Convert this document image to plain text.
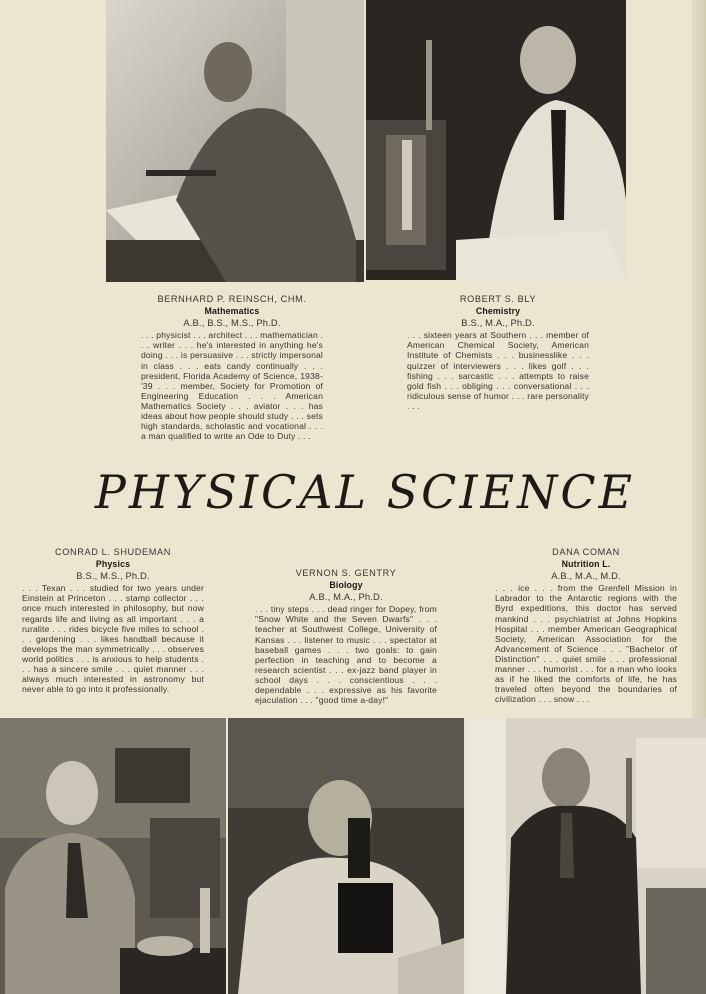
BERNHARD P. REINSCH, CHM.
Mathematics
A.B., B.S., M.S., Ph.D.
. . . physicist . . . architect . . . mathematician . . . writer . . . he's interested in anything he's doing . . . is persuasive . . . strictly impersonal in class . . . eats candy continually . . . president, Florida Academy of Science, 1938-'39 . . . member, Society for Promotion of Engineering Education . . . American Mathematics Society . . . aviator . . . has ideas about how people should study . . . sets high standards, scholastic and vocational . . . a man qualified to write an Ode to Duty . . .
ROBERT S. BLY
Chemistry
B.S., M.A., Ph.D.
. . . sixteen years at Southern . . . member of American Chemical Society, American Institute of Chemists . . . businesslike . . . quizzer of interviewers . . . likes golf . . . fishing . . . sarcastic . . . attempts to raise gold fish . . . obliging . . . conversational . . . ridiculous sense of humor . . . rare personality . . .
PHYSICAL SCIENCE
CONRAD L. SHUDEMAN
Physics
B.S., M.S., Ph.D.
. . . Texan . . . studied for two years under Einstein at Princeton . . . stamp collector . . . once much interested in philosophy, but now regards life and living as all important . . . a ruralite . . . rides bicycle five miles to school . . . gardening . . . likes handball because it develops the man symmetrically . . . observes world politics . . . is anxious to help students . . . has a sincere smile . . . quiet manner . . . always much interested in astronomy but never able to go into it professionally.
VERNON S. GENTRY
Biology
A.B., M.A., Ph.D.
. . . tiny steps . . . dead ringer for Dopey, from "Snow White and the Seven Dwarfs" . . . teacher at Southwest College, University of Kansas . . . listener to music . . . spectator at baseball games . . . two goals: to gain perfection in teaching and to become a research scientist . . . ex-jazz band player in school days . . . conscientious . . . dependable . . . expressive as his favorite ejaculation . . . "good time a-day!"
DANA COMAN
Nutrition L.
A.B., M.A., M.D.
. . . ice . . . from the Grenfell Mission in Labrador to the Antarctic regions with the Byrd expeditions, this doctor has served mankind . . . psychiatrist at Johns Hopkins Hospital . . . member American Geographical Society, American Association for the Advancement of Science . . . "Bachelor of Distinction" . . . quiet smile . . . professional manner . . . humorist . . . for a man who looks as if he liked the comforts of life, he has traveled often beyond the boundaries of civilization . . . snow . . .
